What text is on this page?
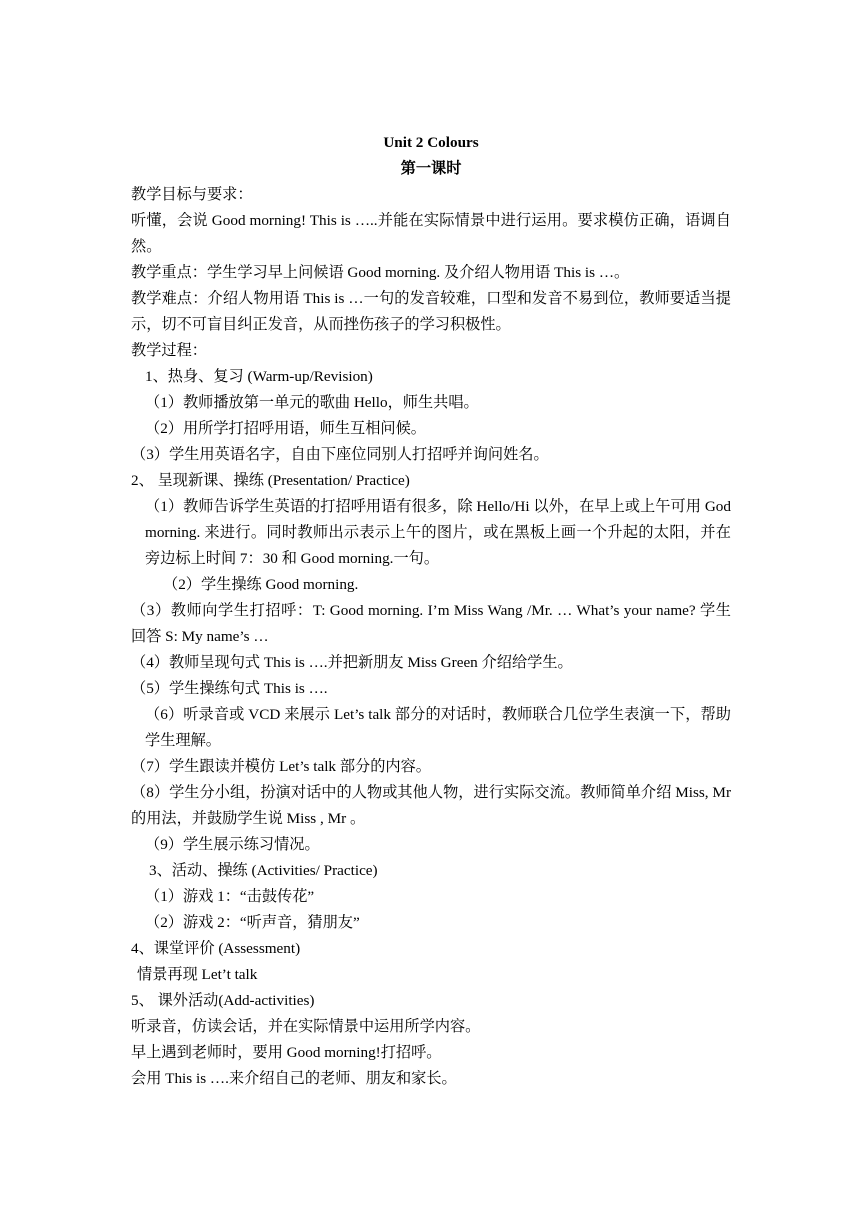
Unit 2 Colours

第一课时

教学目标与要求：

听懂，会说 Good morning! This is …..并能在实际情景中进行运用。要求模仿正确，语调自然。

教学重点：学生学习早上问候语 Good morning. 及介绍人物用语 This is …。

教学难点：介绍人物用语 This is …一句的发音较难，口型和发音不易到位，教师要适当提示，切不可盲目纠正发音，从而挫伤孩子的学习积极性。

教学过程：

1、热身、复习 (Warm-up/Revision)

（1）教师播放第一单元的歌曲 Hello，师生共唱。

（2）用所学打招呼用语，师生互相问候。

（3）学生用英语名字，自由下座位同别人打招呼并询问姓名。

2、 呈现新课、操练 (Presentation/ Practice)

（1）教师告诉学生英语的打招呼用语有很多，除 Hello/Hi 以外，在早上或上午可用 God morning. 来进行。同时教师出示表示上午的图片，或在黑板上画一个升起的太阳，并在旁边标上时间 7：30 和 Good morning.一句。

（2）学生操练 Good morning.

（3）教师向学生打招呼：T: Good morning. I’m Miss Wang /Mr. … What’s your name? 学生回答 S: My name’s …

（4）教师呈现句式 This is ….并把新朋友 Miss Green 介绍给学生。

（5）学生操练句式 This is ….

（6）听录音或 VCD 来展示 Let’s talk 部分的对话时，教师联合几位学生表演一下，帮助学生理解。

（7）学生跟读并模仿 Let’s talk 部分的内容。

（8）学生分小组，扮演对话中的人物或其他人物，进行实际交流。教师简单介绍 Miss, Mr 的用法，并鼓励学生说 Miss , Mr 。

（9）学生展示练习情况。

3、活动、操练 (Activities/ Practice)

（1）游戏 1：“击鼓传花”

（2）游戏 2：“听声音，猜朋友”

4、课堂评价 (Assessment)

情景再现 Let’t talk

5、 课外活动(Add-activities)

听录音，仿读会话，并在实际情景中运用所学内容。

早上遇到老师时，要用 Good morning!打招呼。

会用 This is ….来介绍自己的老师、朋友和家长。
